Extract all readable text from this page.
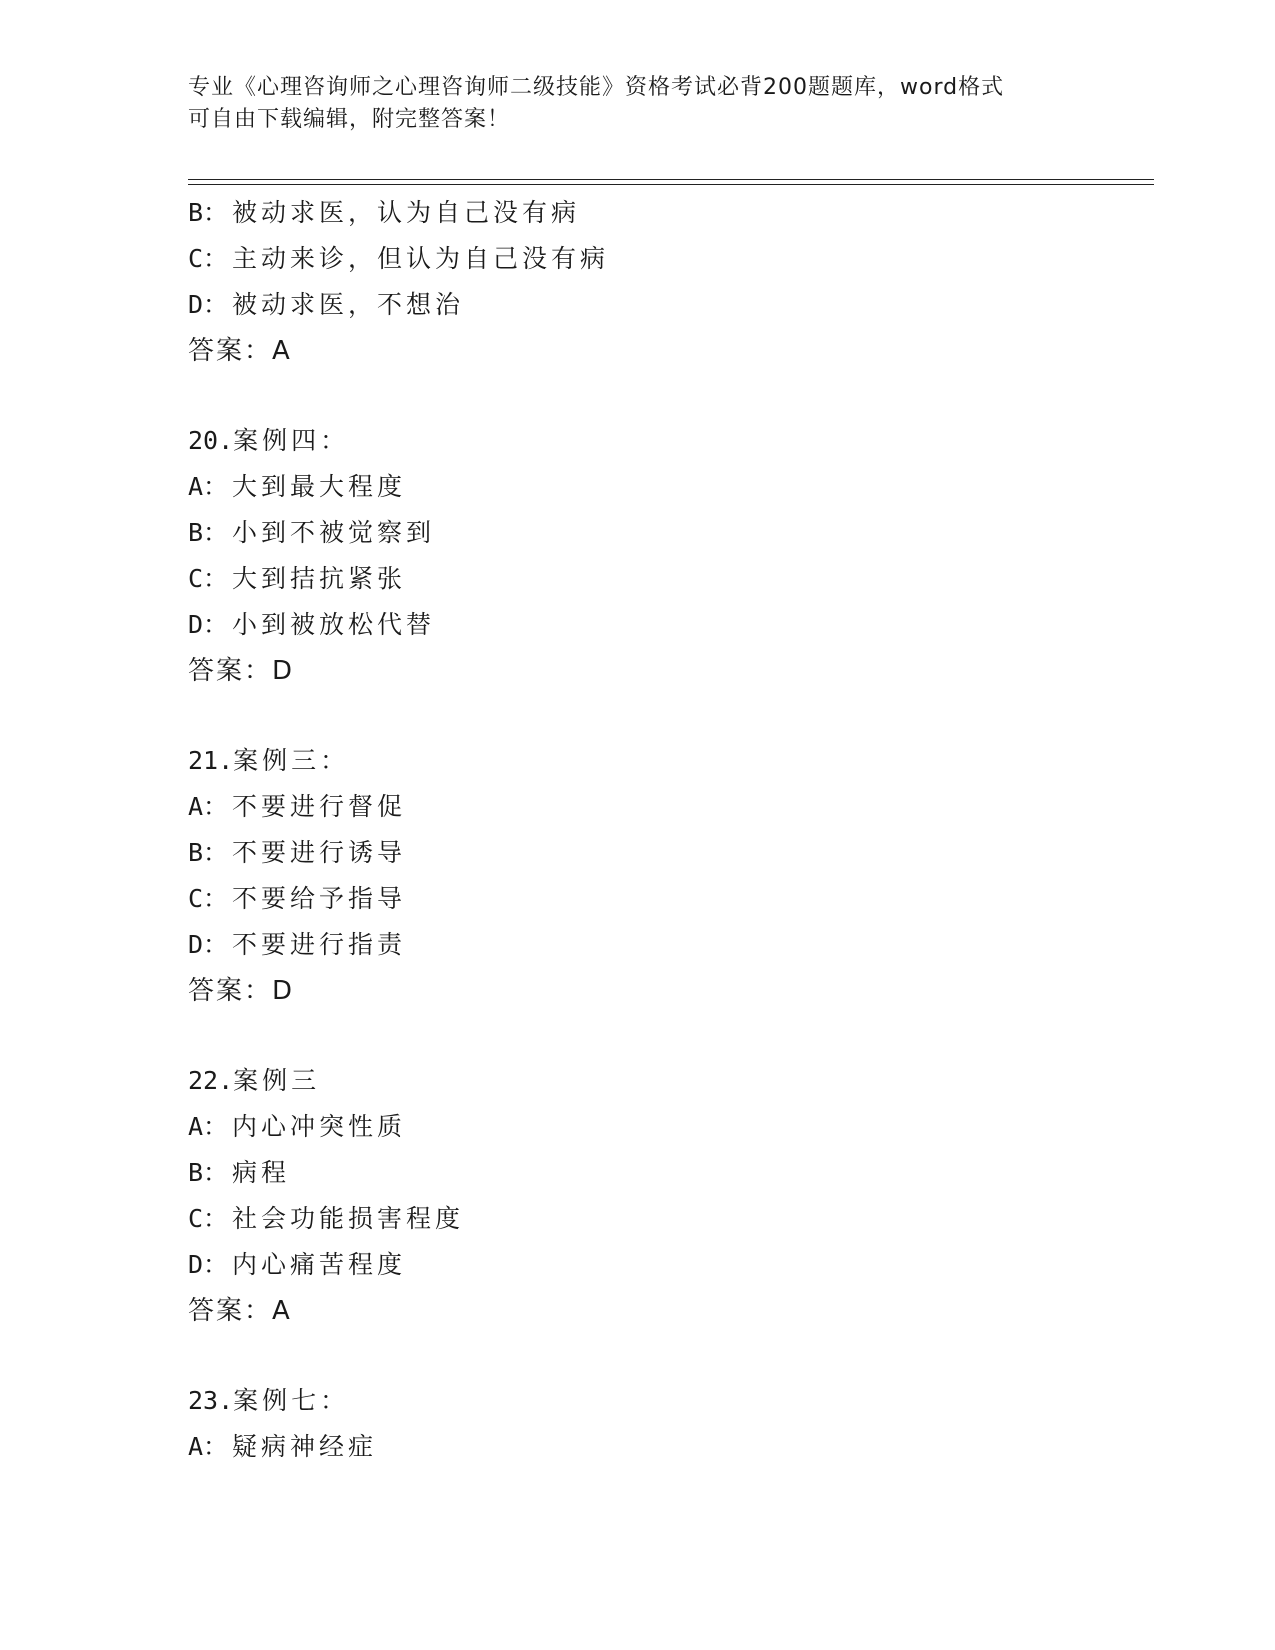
专业《心理咨询师之心理咨询师二级技能》资格考试必背200题题库，word格式

可自由下载编辑，附完整答案！

B： 被动求医，认为自己没有病
C： 主动来诊，但认为自己没有病
D： 被动求医，不想治
答案：A
20.案例四：
A： 大到最大程度
B： 小到不被觉察到
C： 大到拮抗紧张
D： 小到被放松代替
答案：D
21.案例三：
A： 不要进行督促
B： 不要进行诱导
C： 不要给予指导
D： 不要进行指责
答案：D
22.案例三
A： 内心冲突性质
B： 病程
C： 社会功能损害程度
D： 内心痛苦程度
答案：A
23.案例七：
A： 疑病神经症
